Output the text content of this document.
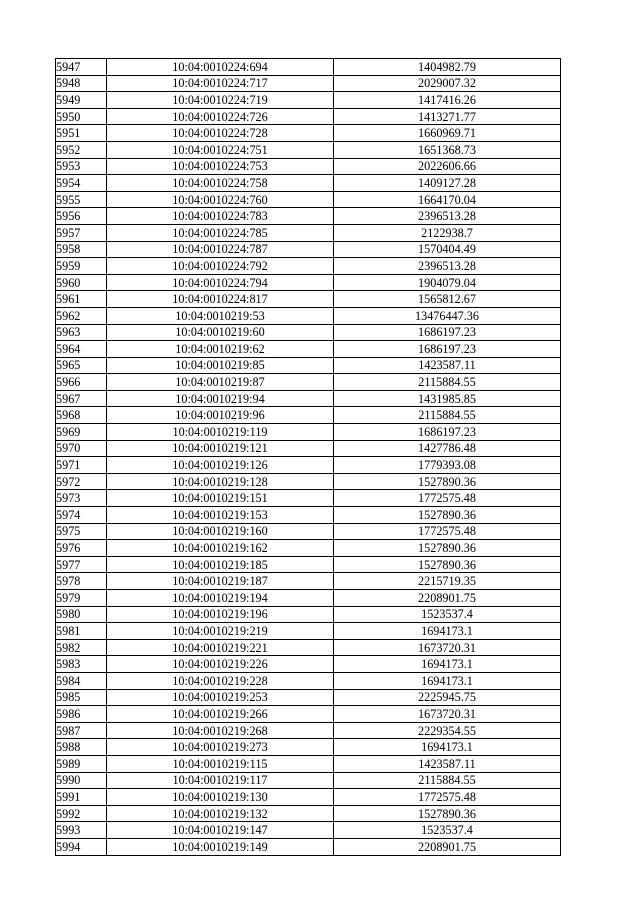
5947	10:04:0010224:694	1404982.79
5948	10:04:0010224:717	2029007.32
5949	10:04:0010224:719	1417416.26
5950	10:04:0010224:726	1413271.77
5951	10:04:0010224:728	1660969.71
5952	10:04:0010224:751	1651368.73
5953	10:04:0010224:753	2022606.66
5954	10:04:0010224:758	1409127.28
5955	10:04:0010224:760	1664170.04
5956	10:04:0010224:783	2396513.28
5957	10:04:0010224:785	2122938.7
5958	10:04:0010224:787	1570404.49
5959	10:04:0010224:792	2396513.28
5960	10:04:0010224:794	1904079.04
5961	10:04:0010224:817	1565812.67
5962	10:04:0010219:53	13476447.36
5963	10:04:0010219:60	1686197.23
5964	10:04:0010219:62	1686197.23
5965	10:04:0010219:85	1423587.11
5966	10:04:0010219:87	2115884.55
5967	10:04:0010219:94	1431985.85
5968	10:04:0010219:96	2115884.55
5969	10:04:0010219:119	1686197.23
5970	10:04:0010219:121	1427786.48
5971	10:04:0010219:126	1779393.08
5972	10:04:0010219:128	1527890.36
5973	10:04:0010219:151	1772575.48
5974	10:04:0010219:153	1527890.36
5975	10:04:0010219:160	1772575.48
5976	10:04:0010219:162	1527890.36
5977	10:04:0010219:185	1527890.36
5978	10:04:0010219:187	2215719.35
5979	10:04:0010219:194	2208901.75
5980	10:04:0010219:196	1523537.4
5981	10:04:0010219:219	1694173.1
5982	10:04:0010219:221	1673720.31
5983	10:04:0010219:226	1694173.1
5984	10:04:0010219:228	1694173.1
5985	10:04:0010219:253	2225945.75
5986	10:04:0010219:266	1673720.31
5987	10:04:0010219:268	2229354.55
5988	10:04:0010219:273	1694173.1
5989	10:04:0010219:115	1423587.11
5990	10:04:0010219:117	2115884.55
5991	10:04:0010219:130	1772575.48
5992	10:04:0010219:132	1527890.36
5993	10:04:0010219:147	1523537.4
5994	10:04:0010219:149	2208901.75
